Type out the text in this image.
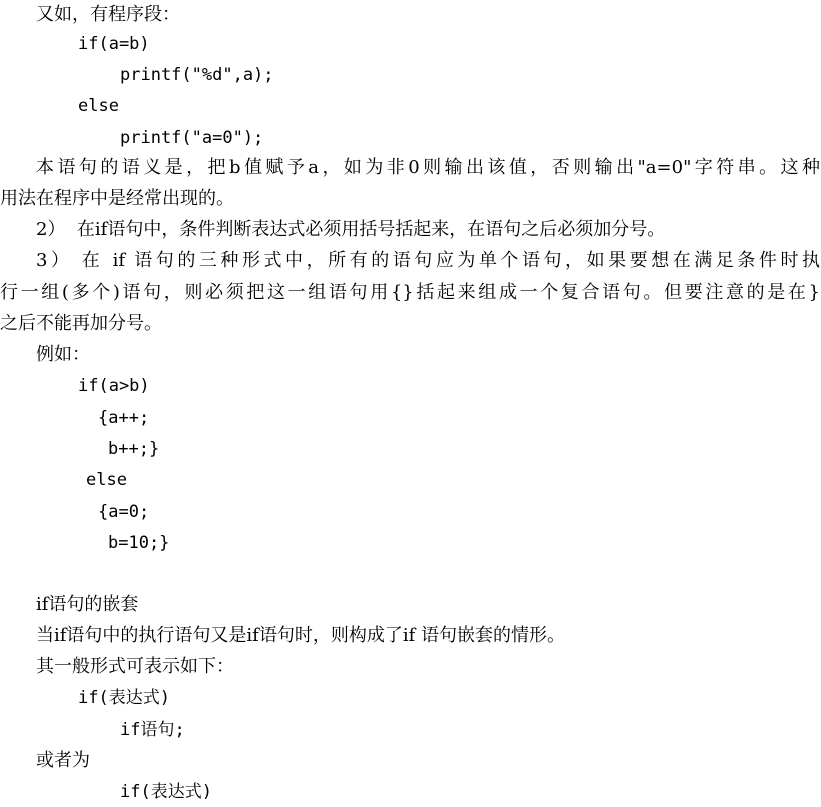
又如，有程序段：
if(a=b)
printf("%d",a);
else
printf("a=0");
本语句的语义是，把b值赋予a，如为非0则输出该值，否则输出"a=0"字符串。这种
用法在程序中是经常出现的。
2）  在if语句中，条件判断表达式必须用括号括起来，在语句之后必须加分号。
3） 在 if 语句的三种形式中，所有的语句应为单个语句，如果要想在满足条件时执
行一组(多个)语句，则必须把这一组语句用{}括起来组成一个复合语句。但要注意的是在}
之后不能再加分号。
例如：
if(a>b)
{a++;
b++;}
else
{a=0;
b=10;}
if语句的嵌套
当if语句中的执行语句又是if语句时，则构成了if 语句嵌套的情形。
其一般形式可表示如下：
if(表达式)
if语句;
或者为
if(表达式)
